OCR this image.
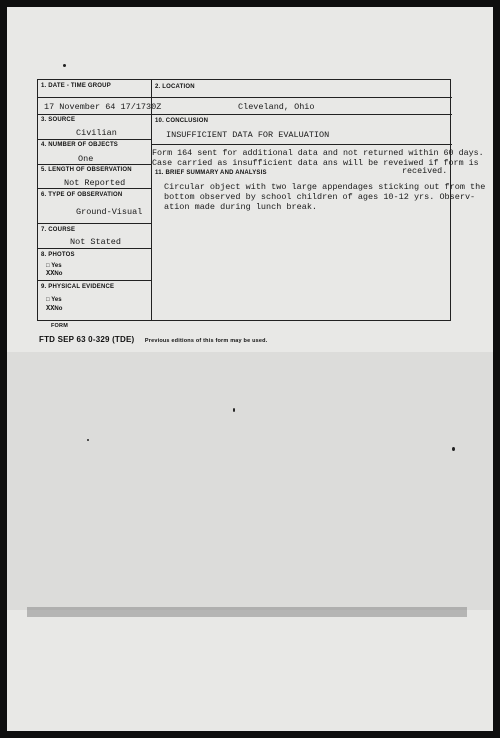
1. DATE - TIME GROUP
17 November 64 17/1730Z
2. LOCATION
Cleveland, Ohio
3. SOURCE
Civilian
10. CONCLUSION
INSUFFICIENT DATA FOR EVALUATION
4. NUMBER OF OBJECTS
One
Form 164 sent for additional data and not returned within 60 days.
Case carried as insufficient data ans will be reveiwed if form is
received.
5. LENGTH OF OBSERVATION
Not Reported
11. BRIEF SUMMARY AND ANALYSIS
Circular object with two large appendages sticking out from the
bottom observed by school children of ages 10-12 yrs. Observ-
ation made during lunch break.
6. TYPE OF OBSERVATION
Ground-Visual
7. COURSE
Not Stated
8. PHOTOS
□ Yes
XXNo
9. PHYSICAL EVIDENCE
□ Yes
XXNo
FORM
FTD SEP 63 0-329 (TDE) Previous editions of this form may be used.
